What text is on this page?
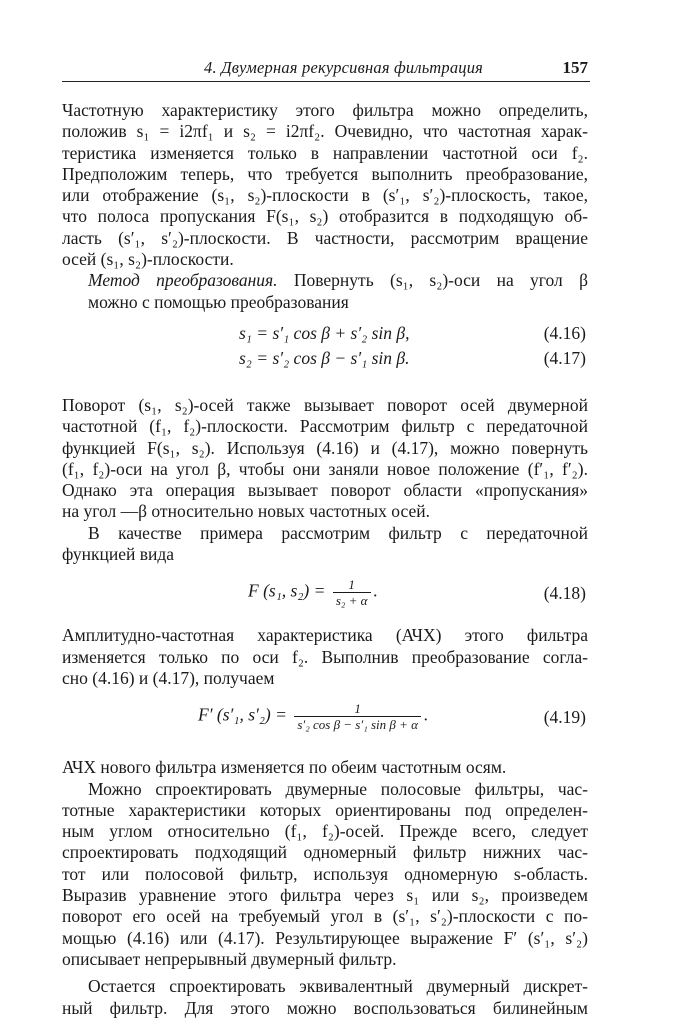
4. Двумерная рекурсивная фильтрация	157

Частотную характеристику этого фильтра можно определить,
положив s₁ = i2πf₁ и s₂ = i2πf₂. Очевидно, что частотная харак-
теристика изменяется только в направлении частотной оси f₂.
Предположим теперь, что требуется выполнить преобразование,
или отображение (s₁, s₂)-плоскости в (s′₁, s′₂)-плоскость, такое,
что полоса пропускания F(s₁, s₂) отобразится в подходящую об-
ласть (s′₁, s′₂)-плоскости. В частности, рассмотрим вращение
осей (s₁, s₂)-плоскости.

Метод преобразования. Повернуть (s₁, s₂)-оси на угол β
можно с помощью преобразования

s₁ = s′₁ cos β + s′₂ sin β,	(4.16)
s₂ = s′₂ cos β − s′₁ sin β.	(4.17)

Поворот (s₁, s₂)-осей также вызывает поворот осей двумерной
частотной (f₁, f₂)-плоскости. Рассмотрим фильтр с передаточной
функцией F(s₁, s₂). Используя (4.16) и (4.17), можно повернуть
(f₁, f₂)-оси на угол β, чтобы они заняли новое положение (f′₁, f′₂).
Однако эта операция вызывает поворот области «пропускания»
на угол —β относительно новых частотных осей.

В качестве примера рассмотрим фильтр с передаточной
функцией вида

F (s₁, $s_2) = \frac{1}{\text{s₂ + α}}$ .	(4.18)

Амплитудно-частотная характеристика (АЧХ) этого фильтра
изменяется только по оси f₂. Выполнив преобразование согла-
сно (4.16) и (4.17), получаем

F′ (s′₁, $s'_2) = \frac{1}{\text{s′₂ cos β − s′₁ sin β + α}}$ .	(4.19)

АЧХ нового фильтра изменяется по обеим частотным осям.

Можно спроектировать двумерные полосовые фильтры, час-
тотные характеристики которых ориентированы под определен-
ным углом относительно (f₁, f₂)-осей. Прежде всего, следует
спроектировать подходящий одномерный фильтр нижних час-
тот или полосовой фильтр, используя одномерную s-область.
Выразив уравнение этого фильтра через s₁ или s₂, произведем
поворот его осей на требуемый угол в (s′₁, s′₂)-плоскости с по-
мощью (4.16) или (4.17). Результирующее выражение F′ (s′₁, s′₂)
описывает непрерывный двумерный фильтр.

Остается спроектировать эквивалентный двумерный дискрет-
ный фильтр. Для этого можно воспользоваться билинейным
